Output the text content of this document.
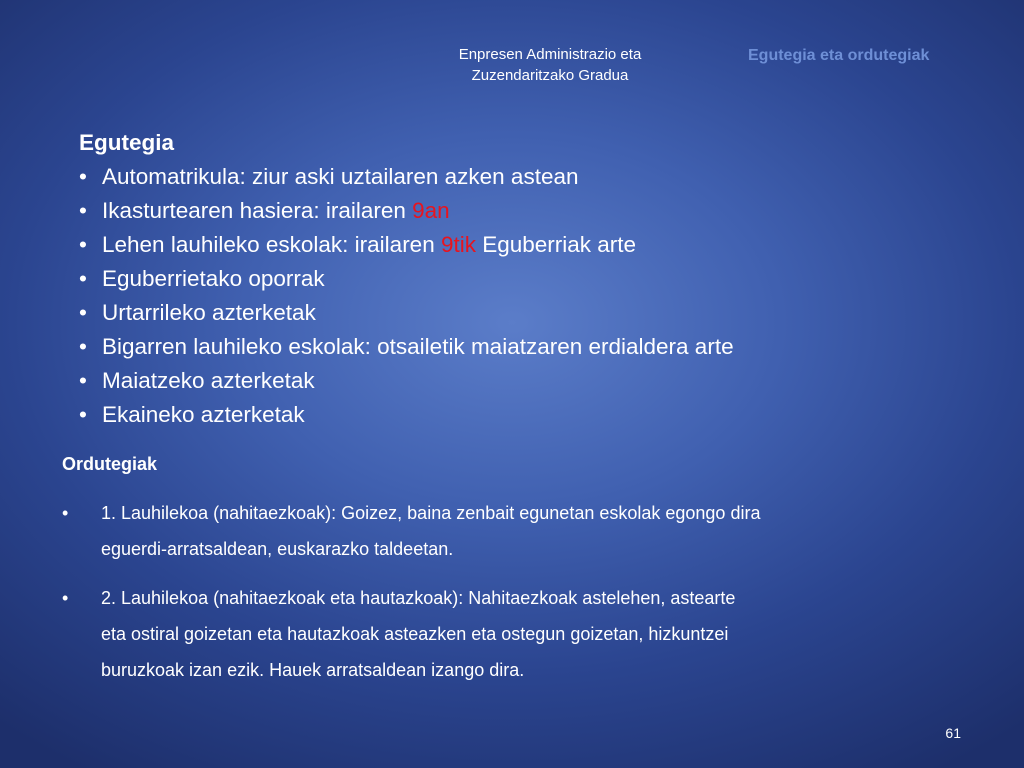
Enpresen Administrazio eta
Zuzendaritzako Gradua
Egutegia eta ordutegiak
Egutegia
• Automatrikula: ziur aski uztailaren azken astean
• Ikasturtearen hasiera: irailaren 9an
• Lehen lauhileko eskolak: irailaren 9tik Eguberriak arte
• Eguberrietako oporrak
• Urtarrileko azterketak
• Bigarren lauhileko eskolak: otsailetik maiatzaren erdialdera arte
• Maiatzeko azterketak
• Ekaineko azterketak
Ordutegiak
• 1. Lauhilekoa (nahitaezkoak): Goizez, baina zenbait egunetan eskolak egongo dira
eguerdi-arratsaldean, euskarazko taldeetan.
• 2. Lauhilekoa (nahitaezkoak eta hautazkoak): Nahitaezkoak astelehen, astearte
eta ostiral goizetan eta hautazkoak asteazken eta ostegun goizetan, hizkuntzei
buruzkoak izan ezik. Hauek arratsaldean izango dira.
61
